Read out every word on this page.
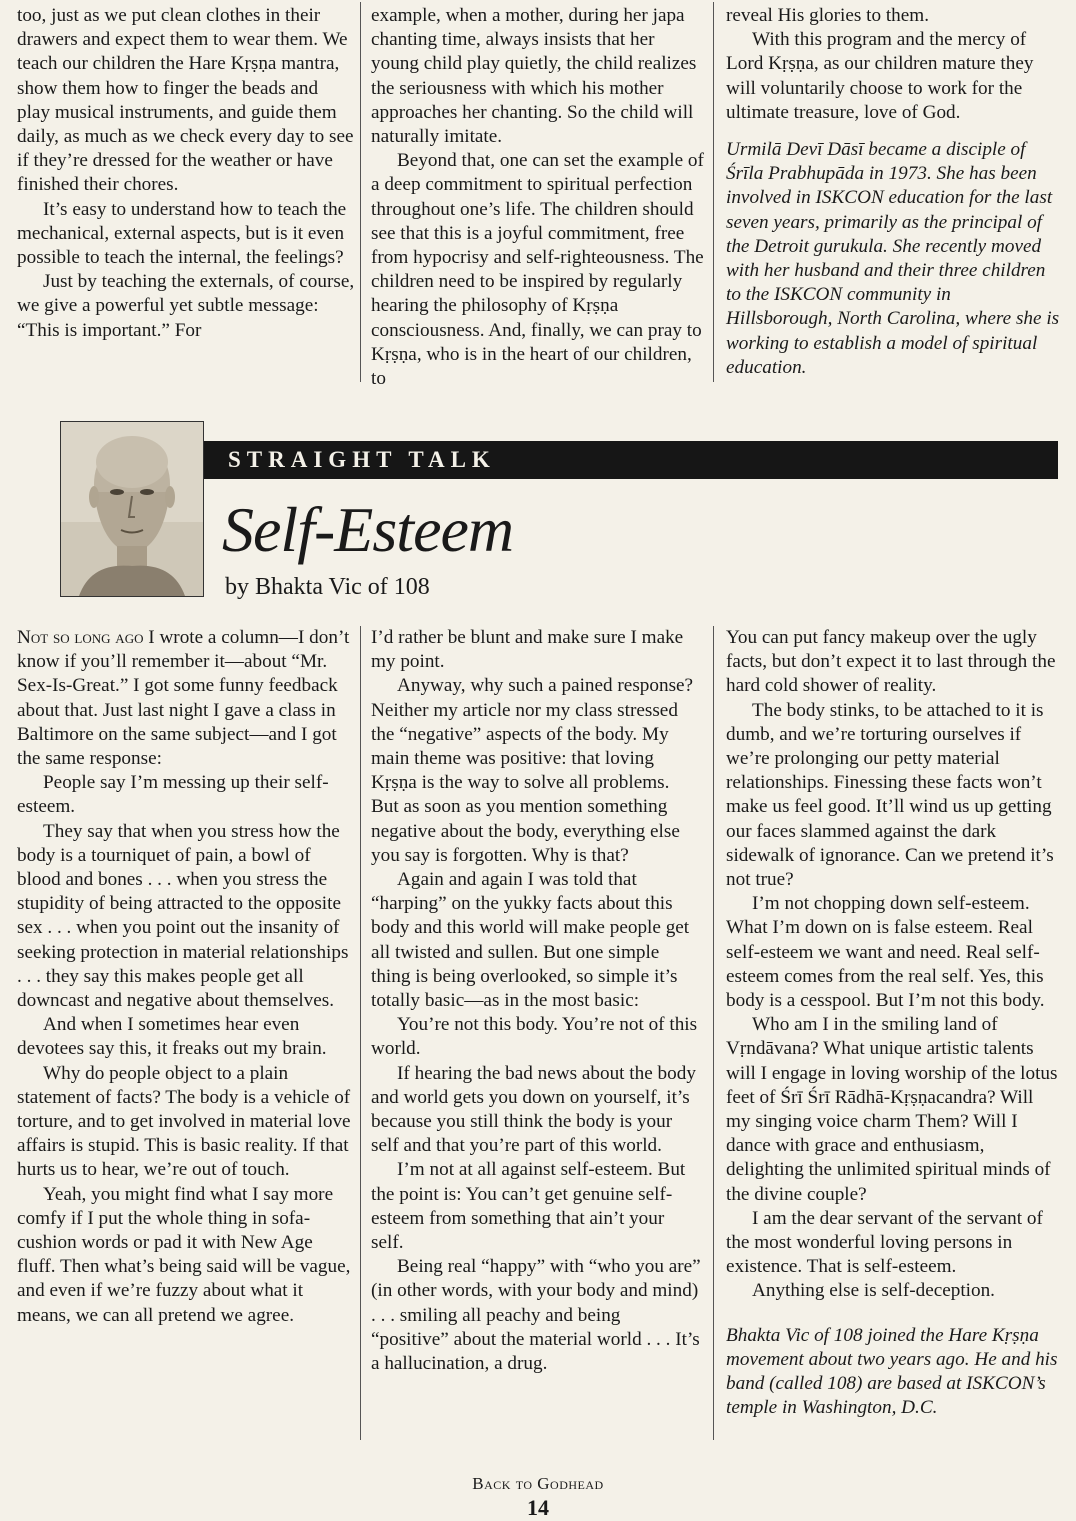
too, just as we put clean clothes in their drawers and expect them to wear them. We teach our children the Hare Kṛṣṇa mantra, show them how to finger the beads and play musical instruments, and guide them daily, as much as we check every day to see if they’re dressed for the weather or have finished their chores.

It’s easy to understand how to teach the mechanical, external aspects, but is it even possible to teach the internal, the feelings?

Just by teaching the externals, of course, we give a powerful yet subtle message: “This is important.” For

example, when a mother, during her japa chanting time, always insists that her young child play quietly, the child realizes the seriousness with which his mother approaches her chanting. So the child will naturally imitate.

Beyond that, one can set the example of a deep commitment to spiritual perfection throughout one’s life. The children should see that this is a joyful commitment, free from hypocrisy and self-righteousness. The children need to be inspired by regularly hearing the philosophy of Kṛṣṇa consciousness. And, finally, we can pray to Kṛṣṇa, who is in the heart of our children, to

reveal His glories to them.

With this program and the mercy of Lord Kṛṣṇa, as our children mature they will voluntarily choose to work for the ultimate treasure, love of God.

Urmilā Devī Dāsī became a disciple of Śrīla Prabhupāda in 1973. She has been involved in ISKCON education for the last seven years, primarily as the principal of the Detroit gurukula. She recently moved with her husband and their three children to the ISKCON community in Hillsborough, North Carolina, where she is working to establish a model of spiritual education.

STRAIGHT TALK
Self-Esteem
by Bhakta Vic of 108

Not so long ago I wrote a column—I don’t know if you’ll remember it—about “Mr. Sex-Is-Great.” I got some funny feedback about that. Just last night I gave a class in Baltimore on the same subject—and I got the same response:

People say I’m messing up their self-esteem.

They say that when you stress how the body is a tourniquet of pain, a bowl of blood and bones . . . when you stress the stupidity of being attracted to the opposite sex . . . when you point out the insanity of seeking protection in material relationships . . . they say this makes people get all downcast and negative about themselves.

And when I sometimes hear even devotees say this, it freaks out my brain.

Why do people object to a plain statement of facts? The body is a vehicle of torture, and to get involved in material love affairs is stupid. This is basic reality. If that hurts us to hear, we’re out of touch.

Yeah, you might find what I say more comfy if I put the whole thing in sofa-cushion words or pad it with New Age fluff. Then what’s being said will be vague, and even if we’re fuzzy about what it means, we can all pretend we agree.

I’d rather be blunt and make sure I make my point.

Anyway, why such a pained response? Neither my article nor my class stressed the “negative” aspects of the body. My main theme was positive: that loving Kṛṣṇa is the way to solve all problems. But as soon as you mention something negative about the body, everything else you say is forgotten. Why is that?

Again and again I was told that “harping” on the yukky facts about this body and this world will make people get all twisted and sullen. But one simple thing is being overlooked, so simple it’s totally basic—as in the most basic:

You’re not this body. You’re not of this world.

If hearing the bad news about the body and world gets you down on yourself, it’s because you still think the body is your self and that you’re part of this world.

I’m not at all against self-esteem. But the point is: You can’t get genuine self-esteem from something that ain’t your self.

Being real “happy” with “who you are” (in other words, with your body and mind) . . . smiling all peachy and being “positive” about the material world . . . It’s a hallucination, a drug.

You can put fancy makeup over the ugly facts, but don’t expect it to last through the hard cold shower of reality.

The body stinks, to be attached to it is dumb, and we’re torturing ourselves if we’re prolonging our petty material relationships. Finessing these facts won’t make us feel good. It’ll wind us up getting our faces slammed against the dark sidewalk of ignorance. Can we pretend it’s not true?

I’m not chopping down self-esteem. What I’m down on is false esteem. Real self-esteem we want and need. Real self-esteem comes from the real self. Yes, this body is a cesspool. But I’m not this body.

Who am I in the smiling land of Vṛndāvana? What unique artistic talents will I engage in loving worship of the lotus feet of Śrī Śrī Rādhā-Kṛṣṇacandra? Will my singing voice charm Them? Will I dance with grace and enthusiasm, delighting the unlimited spiritual minds of the divine couple?

I am the dear servant of the servant of the most wonderful loving persons in existence. That is self-esteem.

Anything else is self-deception.

Bhakta Vic of 108 joined the Hare Kṛṣṇa movement about two years ago. He and his band (called 108) are based at ISKCON’s temple in Washington, D.C.

Back to Godhead
14
